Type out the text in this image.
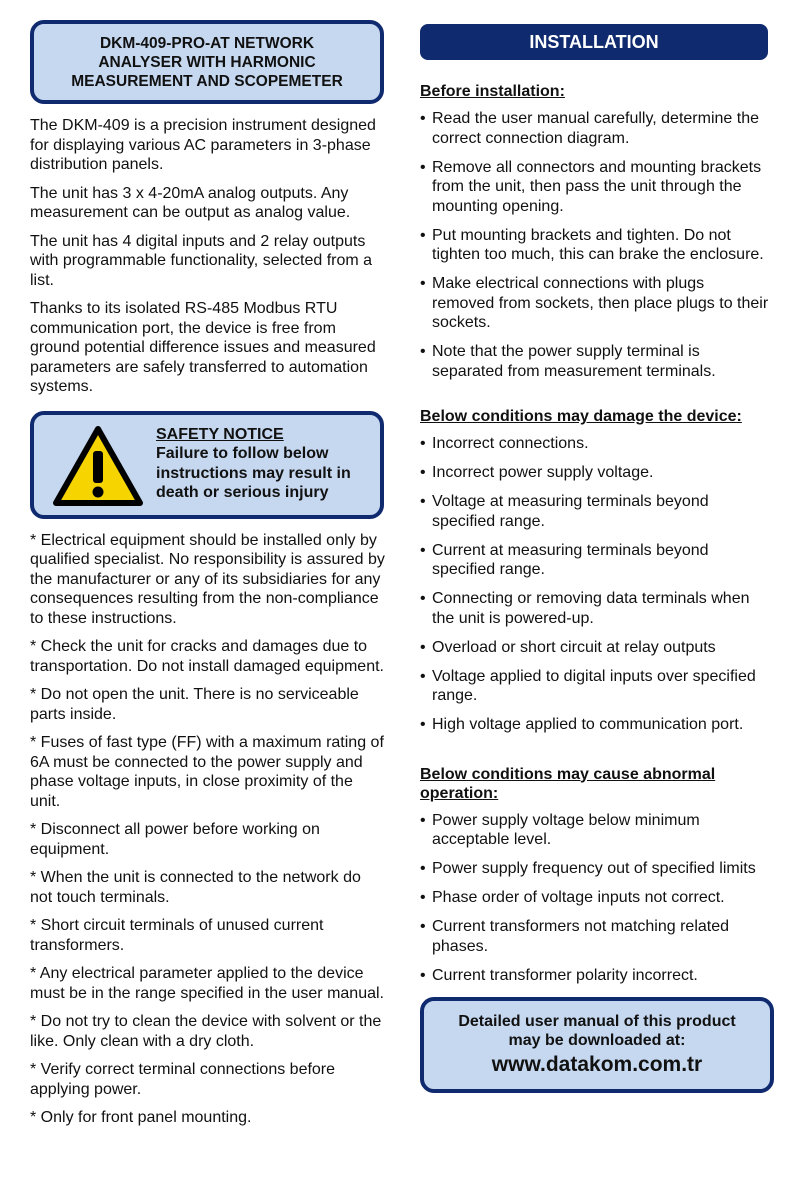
DKM-409-PRO-AT NETWORK
ANALYSER WITH HARMONIC
MEASUREMENT AND SCOPEMETER

The DKM-409 is a precision instrument designed for displaying various AC parameters in 3-phase distribution panels.

The unit has 3 x 4-20mA analog outputs. Any measurement can be output as analog value.

The unit has 4 digital inputs and 2 relay outputs with programmable functionality, selected from a list.

Thanks to its isolated RS-485 Modbus RTU communication port, the device is free from ground potential difference issues and measured parameters are safely transferred to automation systems.

SAFETY NOTICE
Failure to follow below instructions may result in death or serious injury

* Electrical equipment should be installed only by qualified specialist. No responsibility is assured by the manufacturer or any of its subsidiaries for any consequences resulting from the non-compliance to these instructions.

* Check the unit for cracks and damages due to transportation. Do not install damaged equipment.

* Do not open the unit. There is no serviceable parts inside.

* Fuses of fast type (FF) with a maximum rating of 6A must be connected to the power supply and phase voltage inputs, in close proximity of the unit.

* Disconnect all power before working on equipment.

* When the unit is connected to the network do not touch terminals.

* Short circuit terminals of unused current transformers.

* Any electrical parameter applied to the device must be in the range specified in the user manual.

* Do not try to clean the device with solvent or the like. Only clean with a dry cloth.

* Verify correct terminal connections before applying power.

* Only for front panel mounting.

INSTALLATION
Before installation:
• Read the user manual carefully, determine the correct connection diagram.
• Remove all connectors and mounting brackets from the unit, then pass the unit through the mounting opening.
• Put mounting brackets and tighten. Do not tighten too much, this can brake the enclosure.
• Make electrical connections with plugs removed from sockets, then place plugs to their sockets.
• Note that the power supply terminal is separated from measurement terminals.
Below conditions may damage the device:
• Incorrect connections.
• Incorrect power supply voltage.
• Voltage at measuring terminals beyond specified range.
• Current at measuring terminals beyond specified range.
• Connecting or removing data terminals when the unit is powered-up.
• Overload or short circuit at relay outputs
• Voltage applied to digital inputs over specified range.
• High voltage applied to communication port.
Below conditions may cause abnormal operation:
• Power supply voltage below minimum acceptable level.
• Power supply frequency out of specified limits
• Phase order of voltage inputs not correct.
• Current transformers not matching related phases.
• Current transformer polarity incorrect.
Detailed user manual of this product
may be downloaded at:
www.datakom.com.tr
